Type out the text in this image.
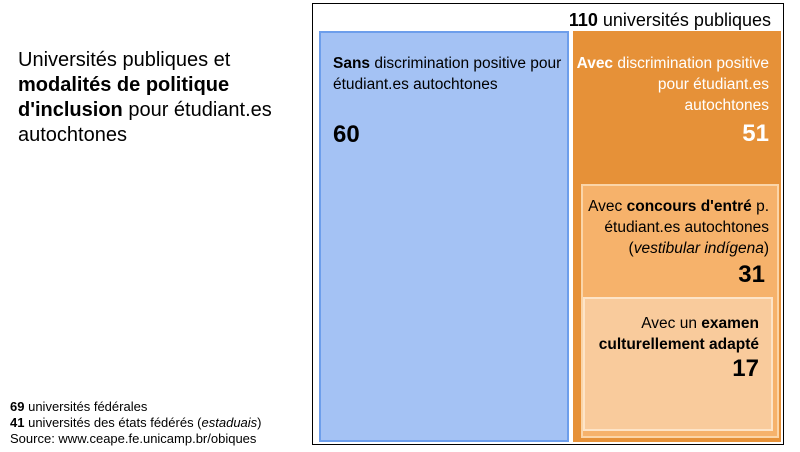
Universités publiques et modalités de politique d'inclusion pour étudiant.es autochtones
69 universités fédérales
41 universités des états fédérés (estaduais)
Source: www.ceape.fe.unicamp.br/obiques
110 universités publiques
Sans discrimination positive pour étudiant.es autochtones
60
Avec discrimination positive pour étudiant.es autochtones
51
Avec concours d'entré p. étudiant.es autochtones (vestibular indígena)
31
Avec un examen culturellement adapté
17
